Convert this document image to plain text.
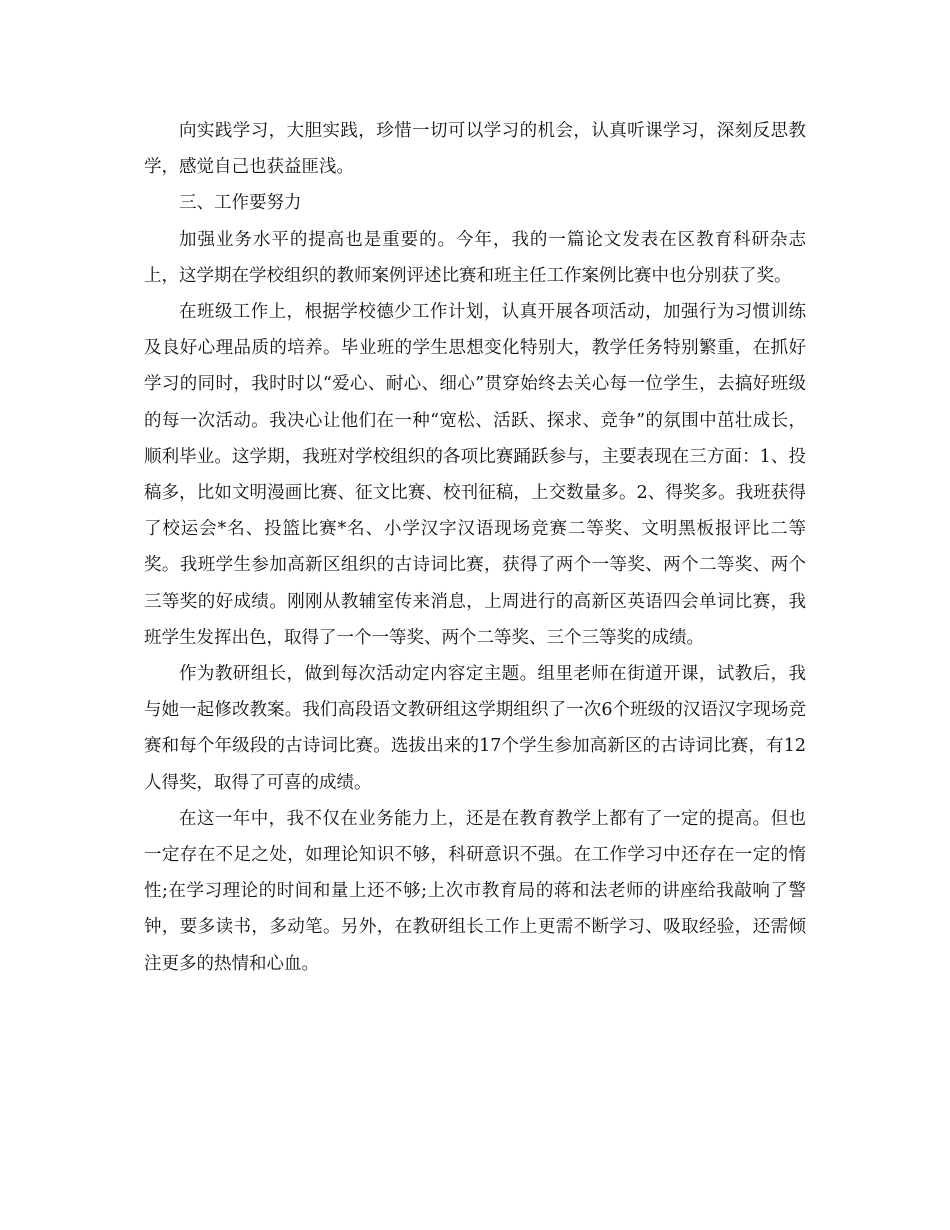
向实践学习，大胆实践，珍惜一切可以学习的机会，认真听课学习，深刻反思教学，感觉自己也获益匪浅。

三、工作要努力

加强业务水平的提高也是重要的。今年，我的一篇论文发表在区教育科研杂志上，这学期在学校组织的教师案例评述比赛和班主任工作案例比赛中也分别获了奖。

在班级工作上，根据学校德少工作计划，认真开展各项活动，加强行为习惯训练及良好心理品质的培养。毕业班的学生思想变化特别大，教学任务特别繁重，在抓好学习的同时，我时时以“爱心、耐心、细心”贯穿始终去关心每一位学生，去搞好班级的每一次活动。我决心让他们在一种“宽松、活跃、探求、竞争”的氛围中茁壮成长，顺利毕业。这学期，我班对学校组织的各项比赛踊跃参与，主要表现在三方面：1、投稿多，比如文明漫画比赛、征文比赛、校刊征稿，上交数量多。2、得奖多。我班获得了校运会*名、投篮比赛*名、小学汉字汉语现场竞赛二等奖、文明黑板报评比二等奖。我班学生参加高新区组织的古诗词比赛，获得了两个一等奖、两个二等奖、两个三等奖的好成绩。刚刚从教辅室传来消息，上周进行的高新区英语四会单词比赛，我班学生发挥出色，取得了一个一等奖、两个二等奖、三个三等奖的成绩。

作为教研组长，做到每次活动定内容定主题。组里老师在街道开课，试教后，我与她一起修改教案。我们高段语文教研组这学期组织了一次6个班级的汉语汉字现场竞赛和每个年级段的古诗词比赛。选拔出来的17个学生参加高新区的古诗词比赛，有12人得奖，取得了可喜的成绩。

在这一年中，我不仅在业务能力上，还是在教育教学上都有了一定的提高。但也一定存在不足之处，如理论知识不够，科研意识不强。在工作学习中还存在一定的惰性;在学习理论的时间和量上还不够;上次市教育局的蒋和法老师的讲座给我敲响了警钟，要多读书，多动笔。另外，在教研组长工作上更需不断学习、吸取经验，还需倾注更多的热情和心血。
